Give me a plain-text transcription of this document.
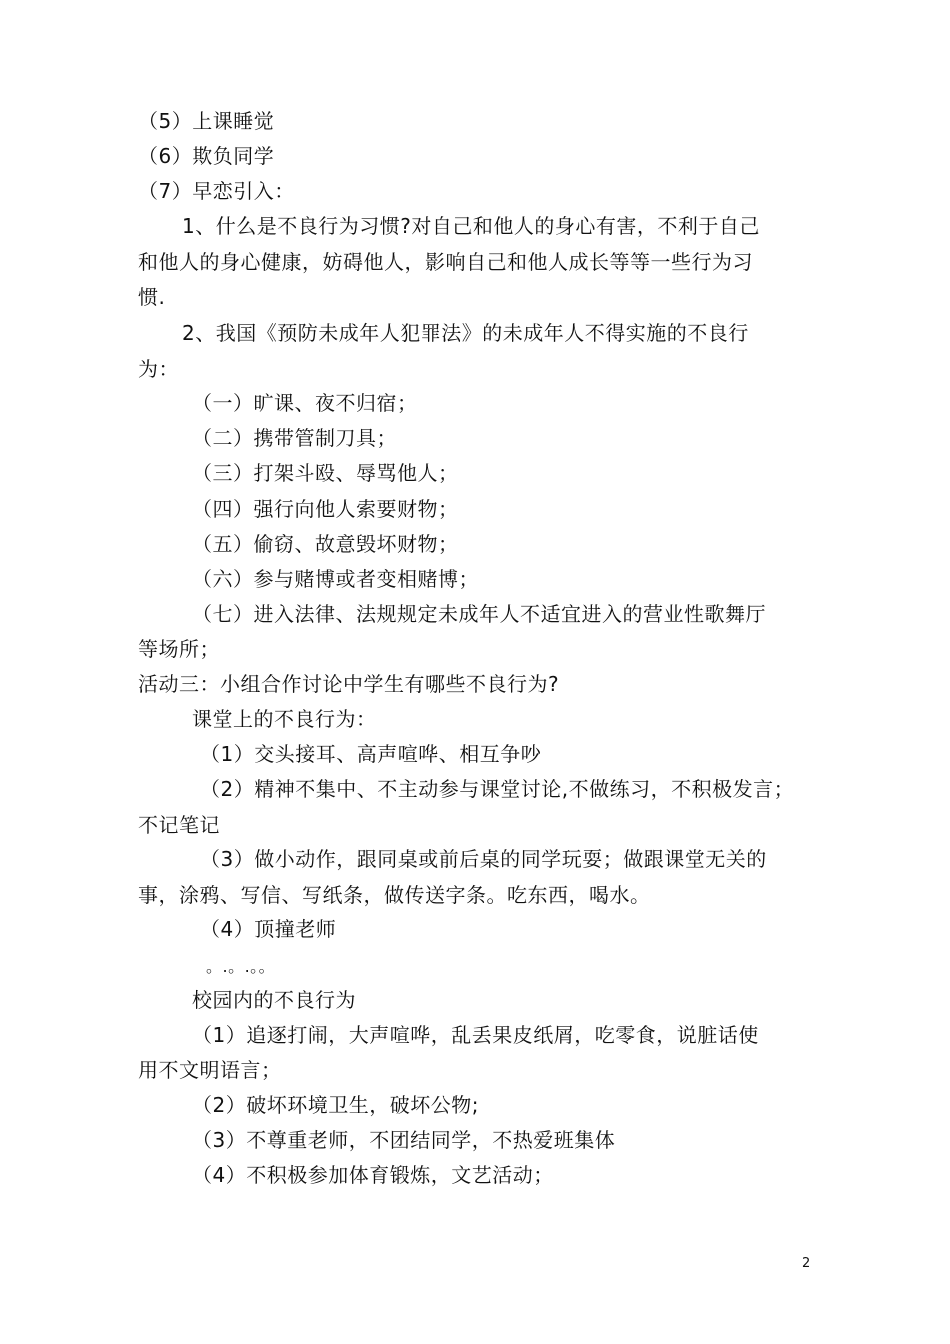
（5）上课睡觉
（6）欺负同学
（7）早恋引入：
1、什么是不良行为习惯?对自己和他人的身心有害，不利于自己
和他人的身心健康，妨碍他人，影响自己和他人成长等等一些行为习
惯.
2、我国《预防未成年人犯罪法》的未成年人不得实施的不良行
为：
（一）旷课、夜不归宿；
（二）携带管制刀具；
（三）打架斗殴、辱骂他人；
（四）强行向他人索要财物；
（五）偷窃、故意毁坏财物；
（六）参与赌博或者变相赌博；
（七）进入法律、法规规定未成年人不适宜进入的营业性歌舞厅
等场所；
活动三：小组合作讨论中学生有哪些不良行为?
课堂上的不良行为：
（1）交头接耳、高声喧哗、相互争吵
（2）精神不集中、不主动参与课堂讨论,不做练习，不积极发言；
不记笔记
（3）做小动作，跟同桌或前后桌的同学玩耍；做跟课堂无关的
事，涂鸦、写信、写纸条，做传送字条。吃东西，喝水。
（4）顶撞老师
。.。.。。
校园内的不良行为
（1）追逐打闹，大声喧哗，乱丢果皮纸屑，吃零食，说脏话使
用不文明语言；
（2）破坏环境卫生，破坏公物;
（3）不尊重老师，不团结同学，不热爱班集体
（4）不积极参加体育锻炼，文艺活动；
2
